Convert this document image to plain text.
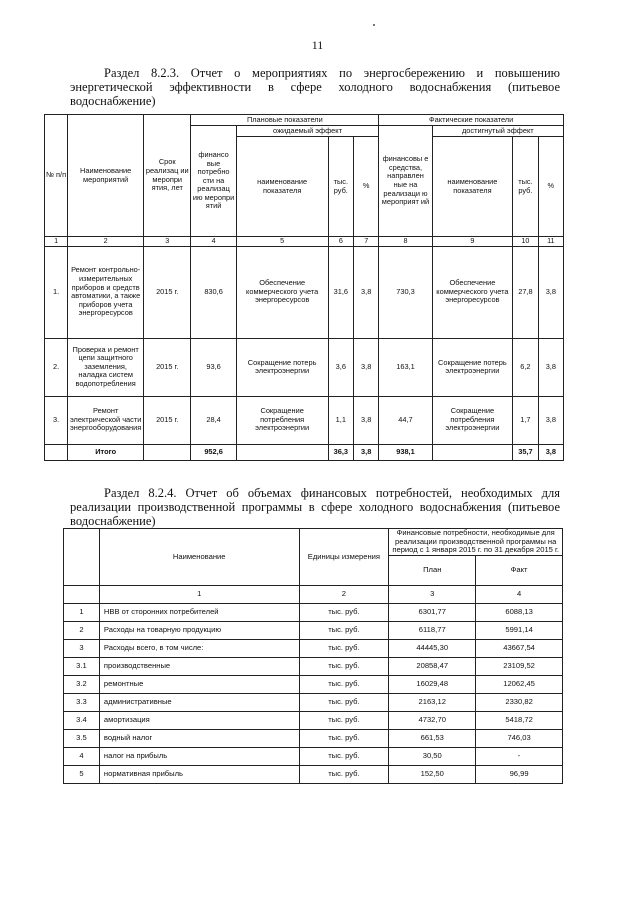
11
Раздел 8.2.3. Отчет о мероприятиях по энергосбережению и повышению энергетической эффективности в сфере холодного водоснабжения (питьевое водоснабжение)
№ п/п	Наименование мероприятий	Срок реализац ии меропри ятия, лет	Плановые показатели				Фактические показатели			
			финансо вые потребно сти на реализац ию меропри ятий	ожидаемый эффект			финансовы е средства, направлен ные на реализаци ю мероприят ий	достигнутый эффект		
				наименование показателя	тыс. руб.	%		наименование показателя	тыс. руб.	%
1	2	3	4	5	6	7	8	9	10	11
1.	Ремонт контрольно-измерительных приборов и средств автоматики, а также приборов учета энергоресурсов	2015 г.	830,6	Обеспечение коммерческого учета энергоресурсов	31,6	3,8	730,3	Обеспечение коммерческого учета энергоресурсов	27,8	3,8
2.	Проверка и ремонт цепи защитного заземления, наладка систем водопотребления	2015 г.	93,6	Сокращение потерь электроэнергии	3,6	3,8	163,1	Сокращение потерь электроэнергии	6,2	3,8
3.	Ремонт электрической части энергооборудования	2015 г.	28,4	Сокращение потребления электроэнергии	1,1	3,8	44,7	Сокращение потребления электроэнергии	1,7	3,8
	Итого		952,6		36,3	3,8	938,1		35,7	3,8
Раздел 8.2.4. Отчет об объемах финансовых потребностей, необходимых для реализации производственной программы в сфере холодного водоснабжения (питьевое водоснабжение)
	Наименование	Единицы измерения	Финансовые потребности, необходимые для реализации производственной программы на период с 1 января 2015 г. по 31 декабря 2015 г.	
			План	Факт
	1	2	3	4
1	НВВ от сторонних потребителей	тыс. руб.	6301,77	6088,13
2	Расходы на товарную продукцию	тыс. руб.	6118,77	5991,14
3	Расходы всего, в том числе:	тыс. руб.	44445,30	43667,54
3.1	производственные	тыс. руб.	20858,47	23109,52
3.2	ремонтные	тыс. руб.	16029,48	12062,45
3.3	административные	тыс. руб.	2163,12	2330,82
3.4	амортизация	тыс. руб.	4732,70	5418,72
3.5	водный налог	тыс. руб.	661,53	746,03
4	налог на прибыль	тыс. руб.	30,50	-
5	нормативная прибыль	тыс. руб.	152,50	96,99
